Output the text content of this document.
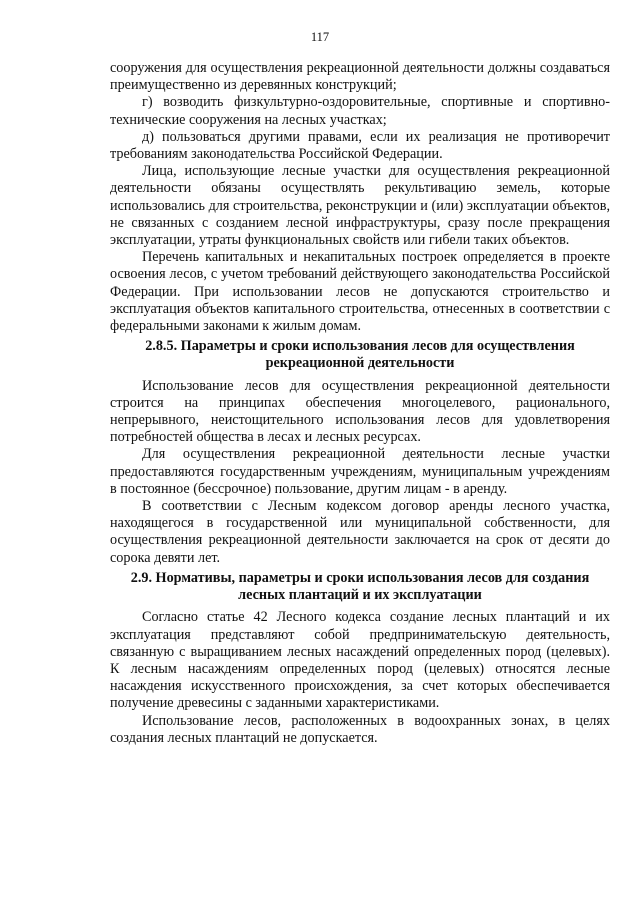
117

сооружения для осуществления рекреационной деятельности должны создаваться преимущественно из деревянных конструкций;

г) возводить физкультурно-оздоровительные, спортивные и спортивно-технические сооружения на лесных участках;

д) пользоваться другими правами, если их реализация не противоречит требованиям законодательства Российской Федерации.

Лица, использующие лесные участки для осуществления рекреационной деятельности обязаны осуществлять рекультивацию земель, которые использовались для строительства, реконструкции и (или) эксплуатации объектов, не связанных с созданием лесной инфраструктуры, сразу после прекращения эксплуатации, утраты функциональных свойств или гибели таких объектов.

Перечень капитальных и некапитальных построек определяется в проекте освоения лесов, с учетом требований действующего законодательства Российской Федерации. При использовании лесов не допускаются строительство и эксплуатация объектов капитального строительства, отнесенных в соответствии с федеральными законами к жилым домам.

2.8.5. Параметры и сроки использования лесов для осуществления
рекреационной деятельности

Использование лесов для осуществления рекреационной деятельности строится на принципах обеспечения многоцелевого, рационального, непрерывного, неистощительного использования лесов для удовлетворения потребностей общества в лесах и лесных ресурсах.

Для осуществления рекреационной деятельности лесные участки предоставляются государственным учреждениям, муниципальным учреждениям в постоянное (бессрочное) пользование, другим лицам - в аренду.

В соответствии с Лесным кодексом договор аренды лесного участка, находящегося в государственной или муниципальной собственности, для осуществления рекреационной деятельности заключается на срок от десяти до сорока девяти лет.

2.9. Нормативы, параметры и сроки использования лесов для создания
лесных плантаций и их эксплуатации

Согласно статье 42 Лесного кодекса создание лесных плантаций и их эксплуатация представляют собой предпринимательскую деятельность, связанную с выращиванием лесных насаждений определенных пород (целевых). К лесным насаждениям определенных пород (целевых) относятся лесные насаждения искусственного происхождения, за счет которых обеспечивается получение древесины с заданными характеристиками.

Использование лесов, расположенных в водоохранных зонах, в целях создания лесных плантаций не допускается.
